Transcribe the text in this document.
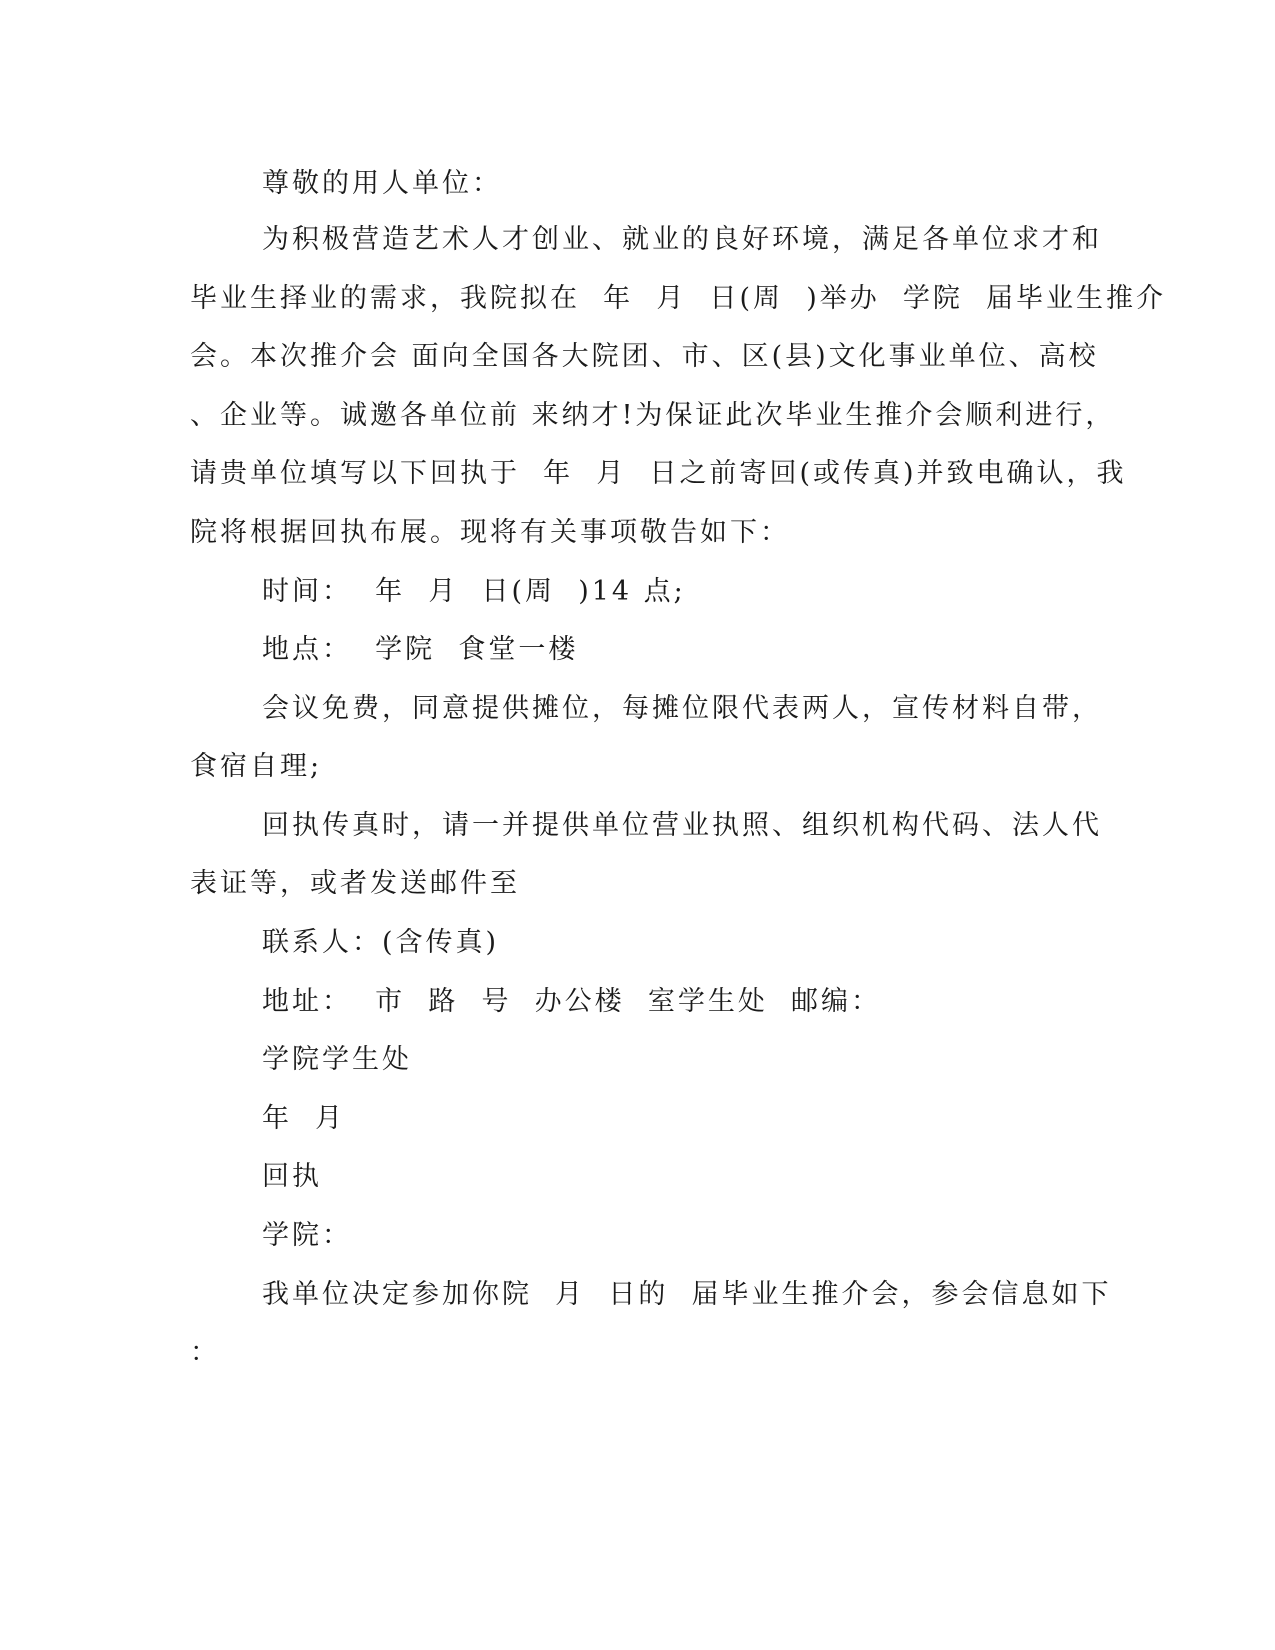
尊敬的用人单位：
为积极营造艺术人才创业、就业的良好环境，满足各单位求才和
毕业生择业的需求，我院拟在  年  月  日(周  )举办  学院  届毕业生推介
会。本次推介会 面向全国各大院团、市、区(县)文化事业单位、高校
、企业等。诚邀各单位前 来纳才!为保证此次毕业生推介会顺利进行，
请贵单位填写以下回执于  年  月  日之前寄回(或传真)并致电确认，我
院将根据回执布展。现将有关事项敬告如下：
时间：  年  月  日(周  )14 点;
地点：  学院  食堂一楼
会议免费，同意提供摊位，每摊位限代表两人，宣传材料自带，
食宿自理;
回执传真时，请一并提供单位营业执照、组织机构代码、法人代
表证等，或者发送邮件至
联系人：(含传真)
地址：  市  路  号  办公楼  室学生处  邮编：
学院学生处
年  月
回执
学院：
我单位决定参加你院  月  日的  届毕业生推介会，参会信息如下
：
